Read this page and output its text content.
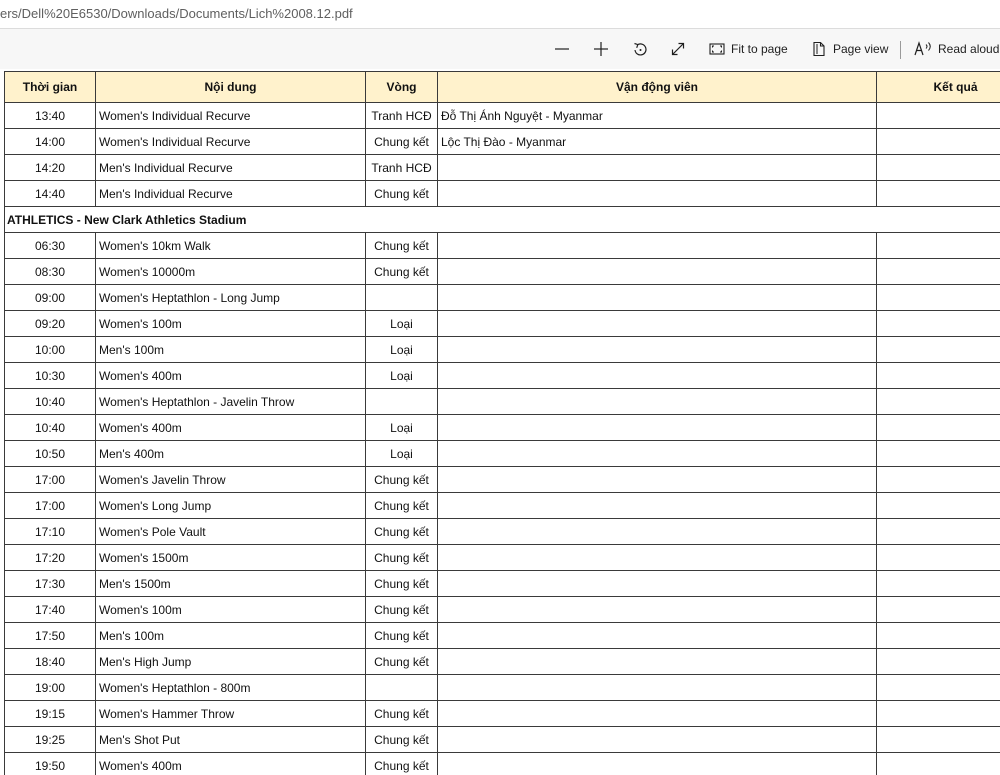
ers/Dell%20E6530/Downloads/Documents/Lich%2008.12.pdf
Fit to page	Page view	Read aloud
Thời gian	Nội dung	Vòng	Vận động viên	Kết quả
13:40	Women's Individual Recurve	Tranh HCĐ	Đỗ Thị Ánh Nguyệt - Myanmar	
14:00	Women's Individual Recurve	Chung kết	Lộc Thị Đào - Myanmar	
14:20	Men's Individual Recurve	Tranh HCĐ		
14:40	Men's Individual Recurve	Chung kết		
ATHLETICS - New Clark Athletics Stadium				
06:30	Women's 10km Walk	Chung kết		
08:30	Women's 10000m	Chung kết		
09:00	Women's Heptathlon - Long Jump			
09:20	Women's 100m	Loại		
10:00	Men's 100m	Loại		
10:30	Women's 400m	Loại		
10:40	Women's Heptathlon - Javelin Throw			
10:40	Women's 400m	Loại		
10:50	Men's 400m	Loại		
17:00	Women's Javelin Throw	Chung kết		
17:00	Women's Long Jump	Chung kết		
17:10	Women's Pole Vault	Chung kết		
17:20	Women's 1500m	Chung kết		
17:30	Men's 1500m	Chung kết		
17:40	Women's 100m	Chung kết		
17:50	Men's 100m	Chung kết		
18:40	Men's High Jump	Chung kết		
19:00	Women's Heptathlon - 800m			
19:15	Women's Hammer Throw	Chung kết		
19:25	Men's Shot Put	Chung kết		
19:50	Women's 400m	Chung kết		
